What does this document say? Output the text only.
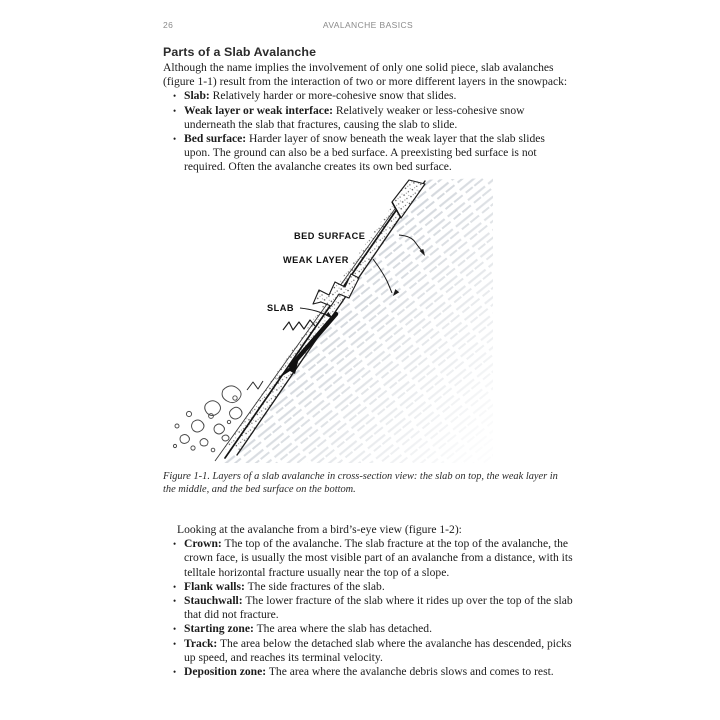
26	AVALANCHE BASICS
Parts of a Slab Avalanche

Although the name implies the involvement of only one solid piece, slab avalanches (figure 1-1) result from the interaction of two or more different layers in the snowpack:

• Slab: Relatively harder or more-cohesive snow that slides.
• Weak layer or weak interface: Relatively weaker or less-cohesive snow underneath the slab that fractures, causing the slab to slide.
• Bed surface: Harder layer of snow beneath the weak layer that the slab slides upon. The ground can also be a bed surface. A preexisting bed surface is not required. Often the avalanche creates its own bed surface.
BED SURFACE
WEAK LAYER
SLAB
Figure 1-1. Layers of a slab avalanche in cross-section view: the slab on top, the weak layer in the middle, and the bed surface on the bottom.

Looking at the avalanche from a bird’s-eye view (figure 1-2):

• Crown: The top of the avalanche. The slab fracture at the top of the avalanche, the crown face, is usually the most visible part of an avalanche from a distance, with its telltale horizontal fracture usually near the top of a slope.
• Flank walls: The side fractures of the slab.
• Stauchwall: The lower fracture of the slab where it rides up over the top of the slab that did not fracture.
• Starting zone: The area where the slab has detached.
• Track: The area below the detached slab where the avalanche has descended, picks up speed, and reaches its terminal velocity.
• Deposition zone: The area where the avalanche debris slows and comes to rest.
